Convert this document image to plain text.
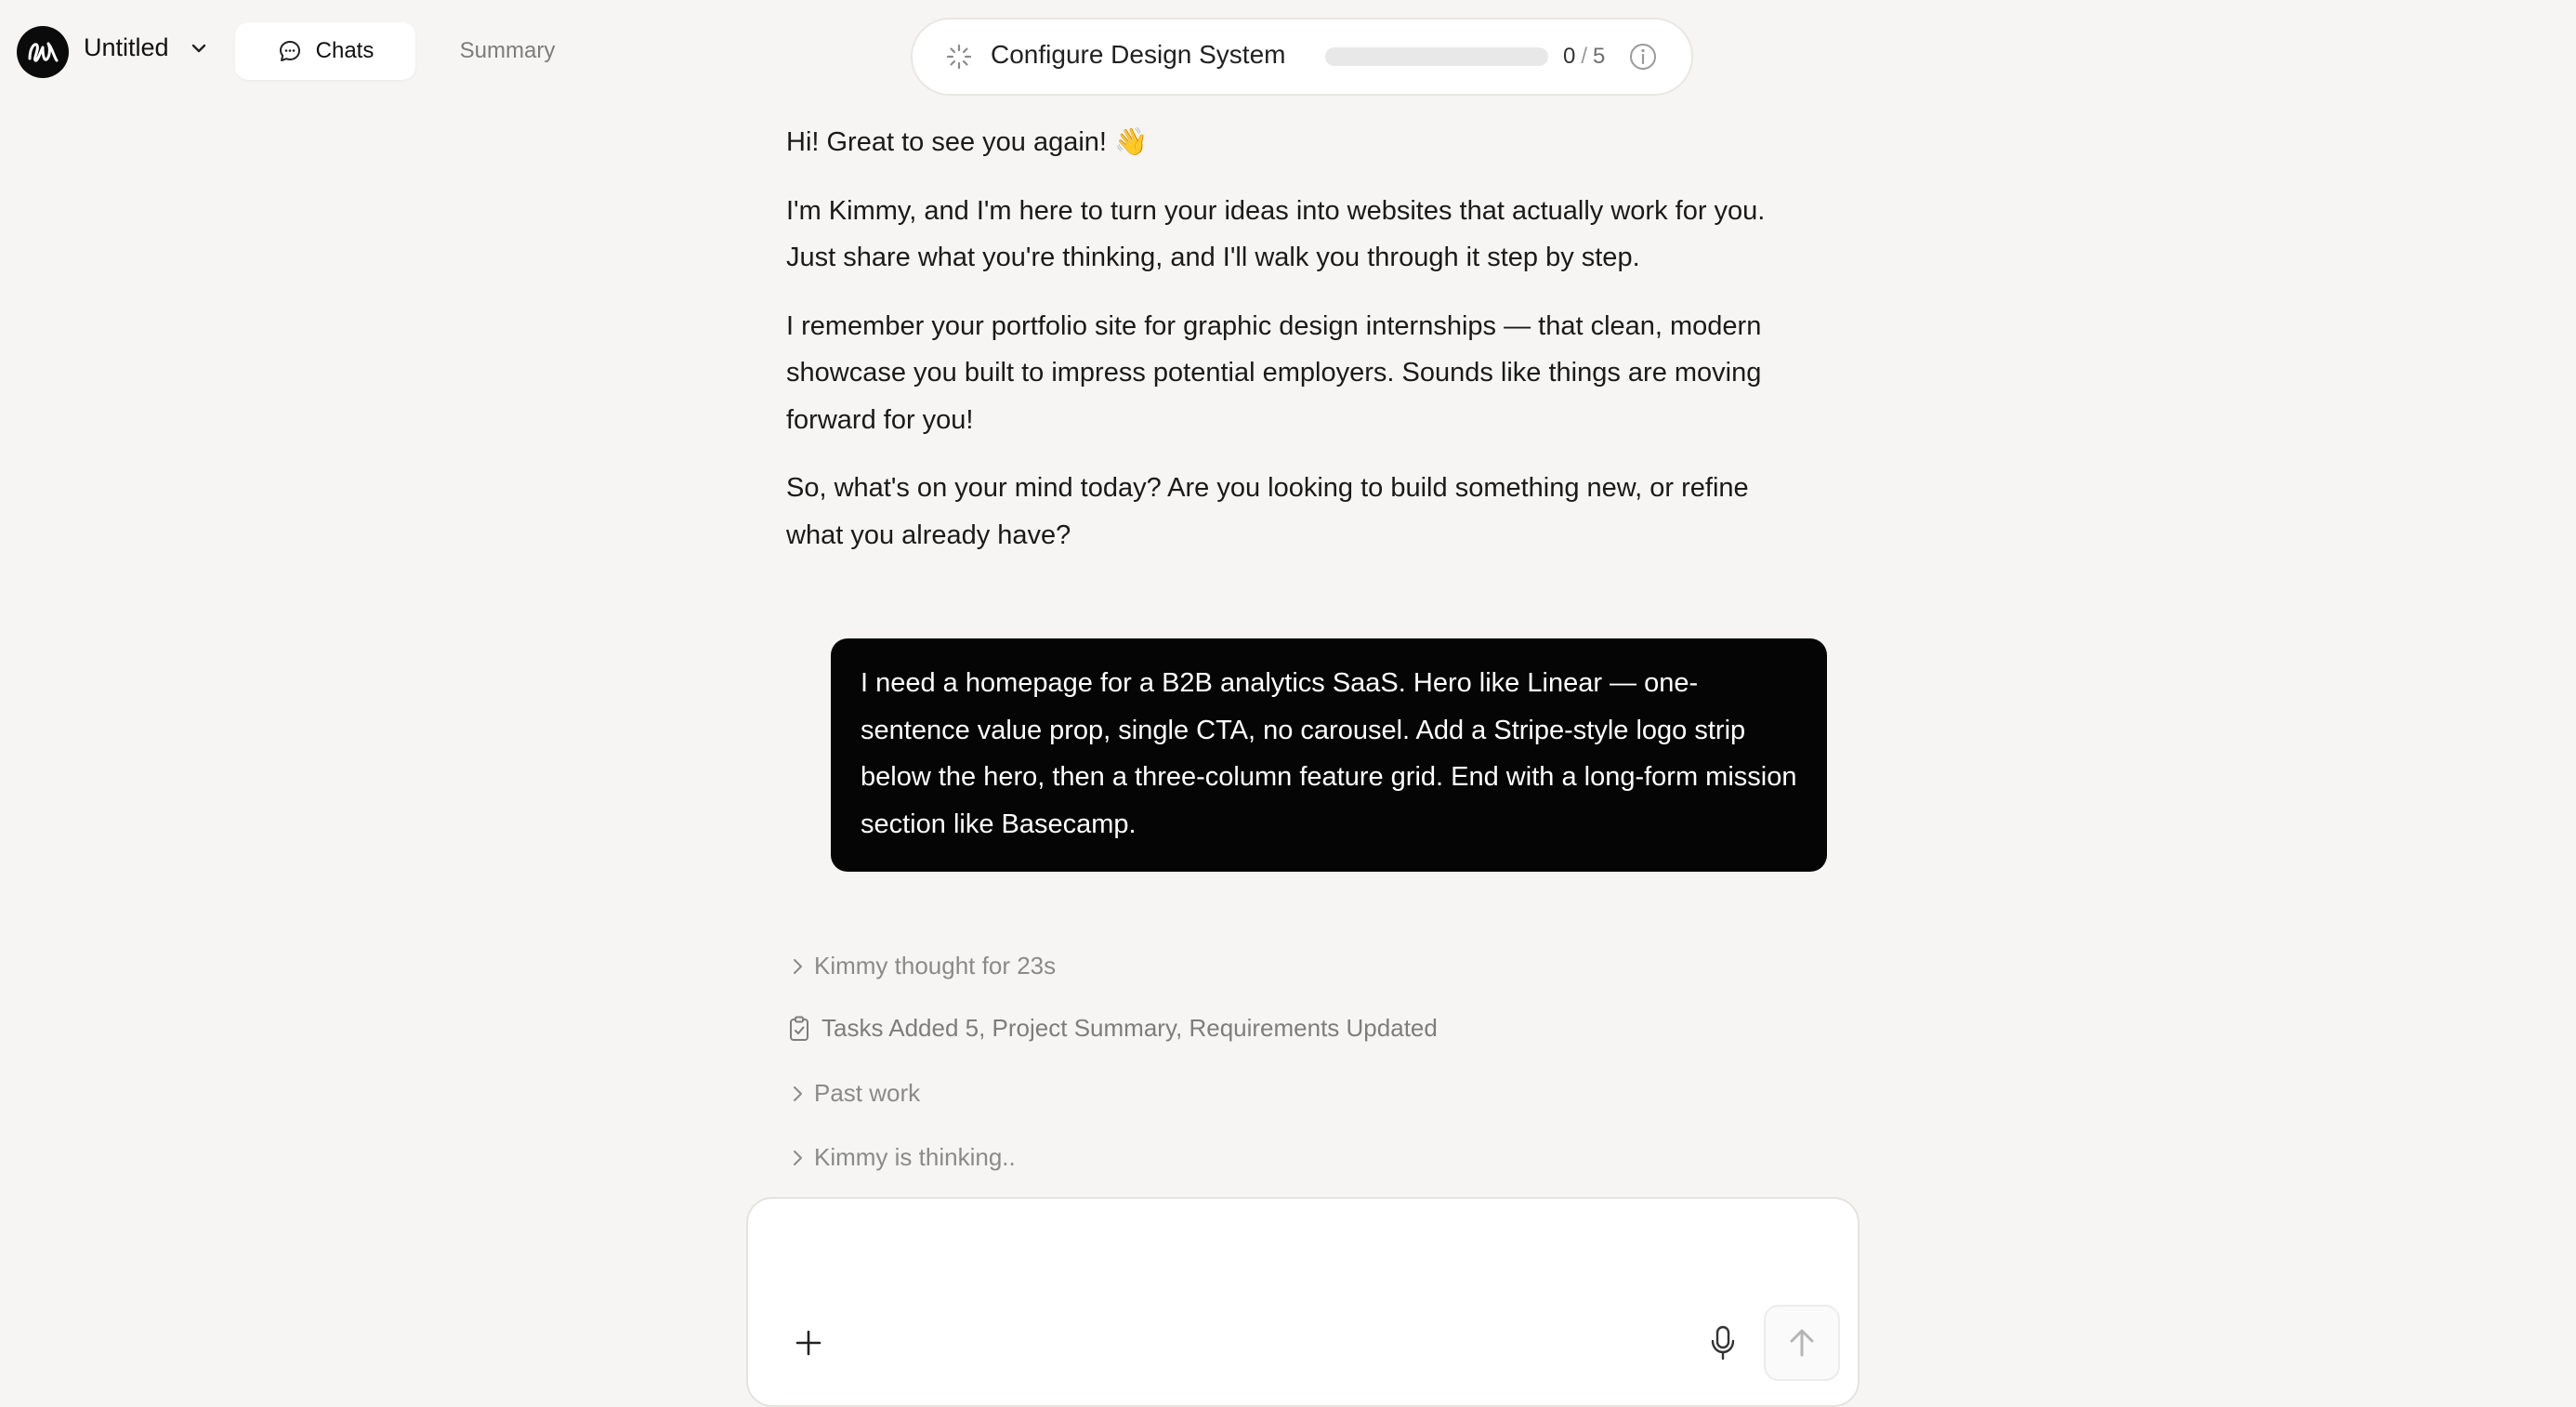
Untitled	Chats	Summary	Configure Design System	0 / 5

Hi! Great to see you again! 👋

I'm Kimmy, and I'm here to turn your ideas into websites that actually work for you. Just share what you're thinking, and I'll walk you through it step by step.

I remember your portfolio site for graphic design internships — that clean, modern showcase you built to impress potential employers. Sounds like things are moving forward for you!

So, what's on your mind today? Are you looking to build something new, or refine what you already have?

I need a homepage for a B2B analytics SaaS. Hero like Linear — one-sentence value prop, single CTA, no carousel. Add a Stripe-style logo strip below the hero, then a three-column feature grid. End with a long-form mission section like Basecamp.
Kimmy thought for 23s
Tasks Added 5, Project Summary, Requirements Updated
Past work
Kimmy is thinking..
